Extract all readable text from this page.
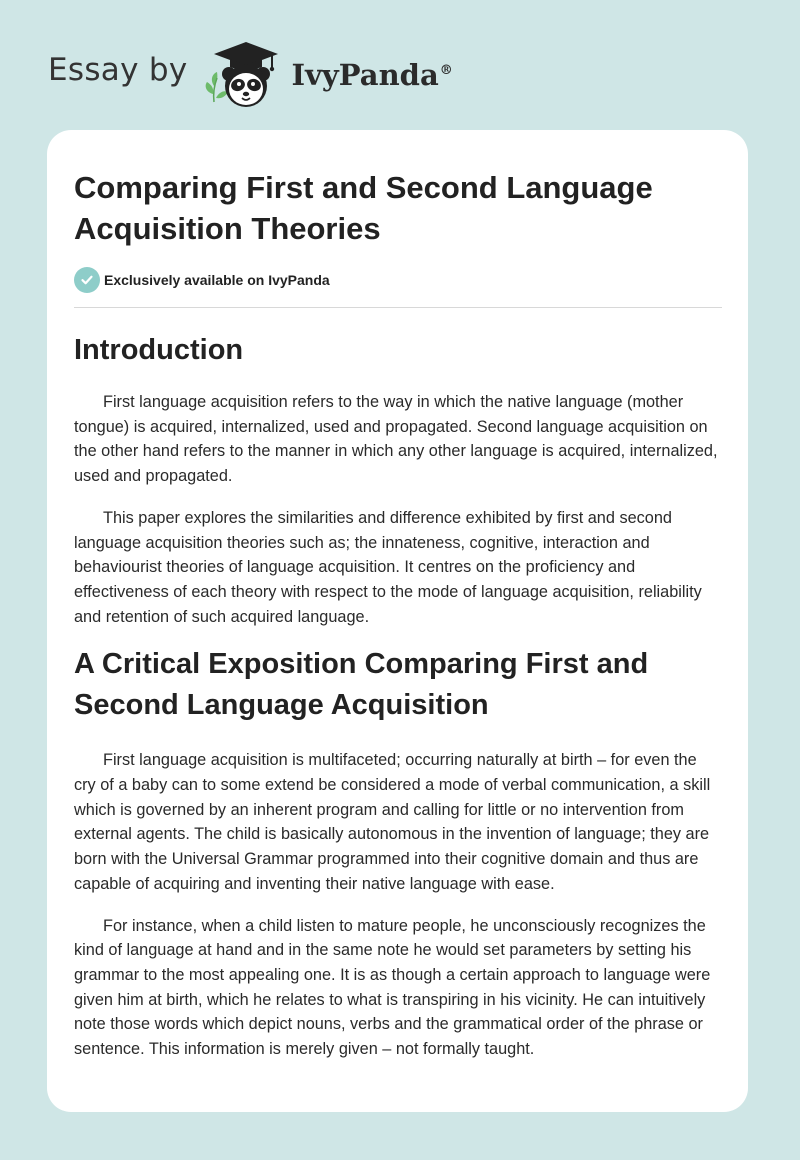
Essay by	IvyPanda®
Comparing First and Second Language Acquisition Theories
Exclusively available on IvyPanda
Introduction

First language acquisition refers to the way in which the native language (mother tongue) is acquired, internalized, used and propagated. Second language acquisition on the other hand refers to the manner in which any other language is acquired, internalized, used and propagated.

This paper explores the similarities and difference exhibited by first and second language acquisition theories such as; the innateness, cognitive, interaction and behaviourist theories of language acquisition. It centres on the proficiency and effectiveness of each theory with respect to the mode of language acquisition, reliability and retention of such acquired language.

A Critical Exposition Comparing First and Second Language Acquisition

First language acquisition is multifaceted; occurring naturally at birth – for even the cry of a baby can to some extend be considered a mode of verbal communication, a skill which is governed by an inherent program and calling for little or no intervention from external agents. The child is basically autonomous in the invention of language; they are born with the Universal Grammar programmed into their cognitive domain and thus are capable of acquiring and inventing their native language with ease.

For instance, when a child listen to mature people, he unconsciously recognizes the kind of language at hand and in the same note he would set parameters by setting his grammar to the most appealing one. It is as though a certain approach to language were given him at birth, which he relates to what is transpiring in his vicinity. He can intuitively note those words which depict nouns, verbs and the grammatical order of the phrase or sentence. This information is merely given – not formally taught.
